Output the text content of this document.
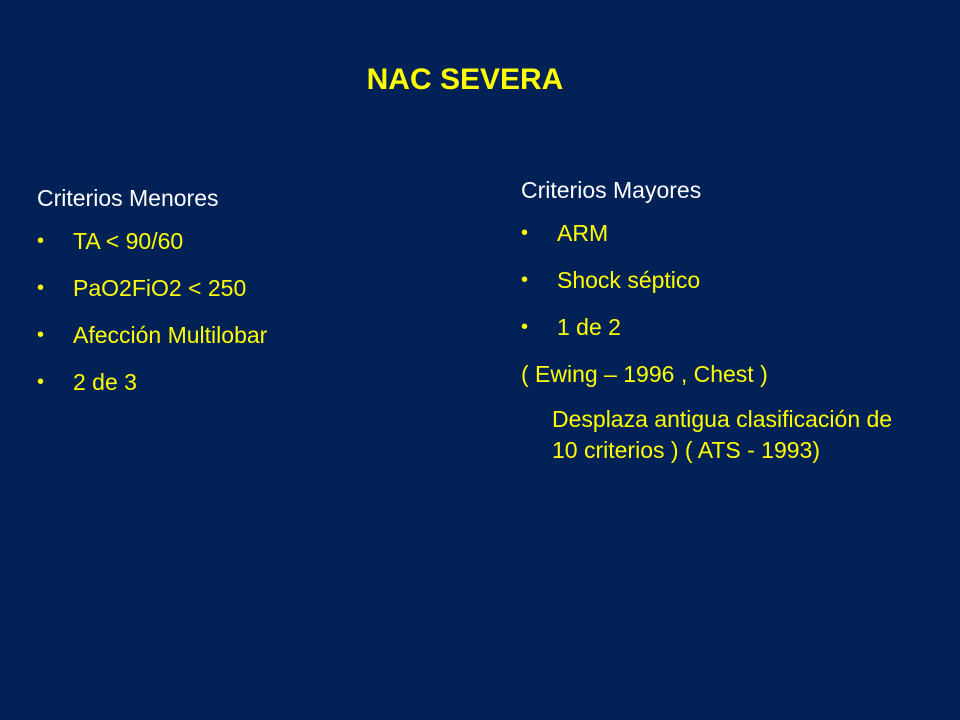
NAC SEVERA
Criterios Menores
• TA < 90/60
• PaO2FiO2 < 250
• Afección Multilobar
• 2 de 3
Criterios Mayores
• ARM
• Shock séptico
• 1 de 2
( Ewing – 1996 , Chest )
Desplaza antigua clasificación de 10 criterios ) ( ATS - 1993)
